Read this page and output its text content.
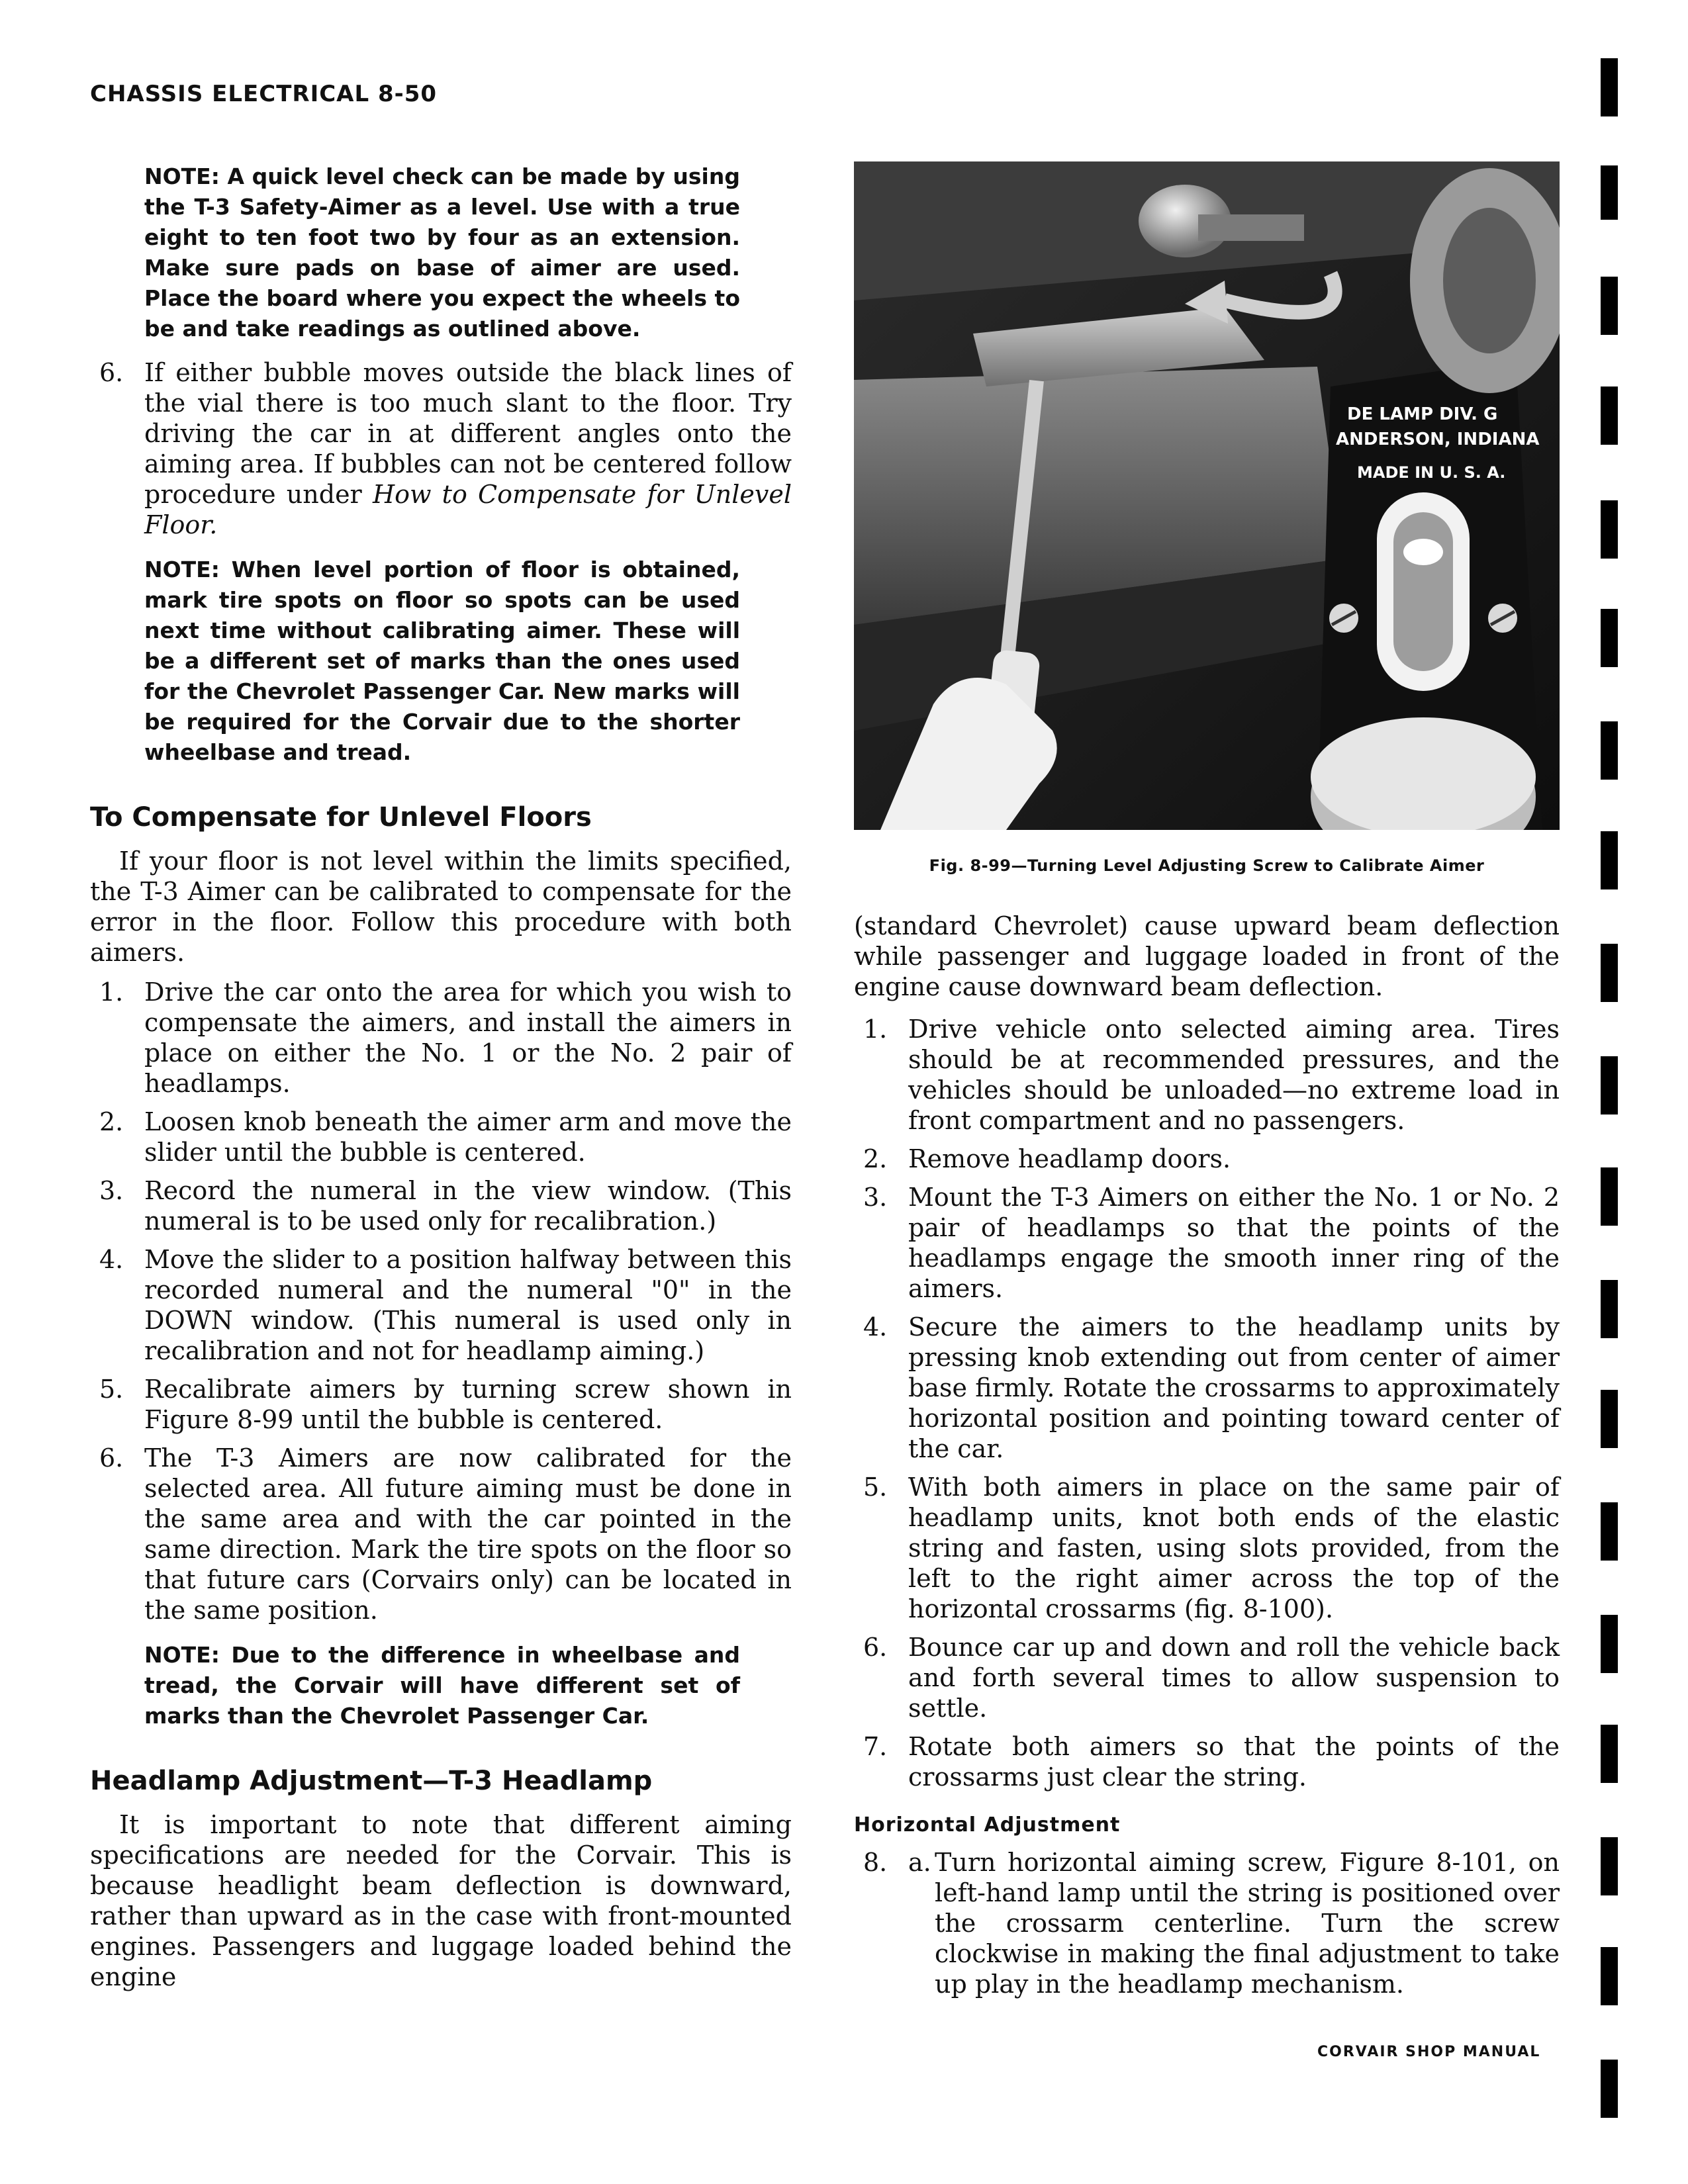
CHASSIS ELECTRICAL 8-50
NOTE: A quick level check can be made by using the T-3 Safety-Aimer as a level. Use with a true eight to ten foot two by four as an extension. Make sure pads on base of aimer are used. Place the board where you expect the wheels to be and take readings as outlined above.
6. If either bubble moves outside the black lines of the vial there is too much slant to the floor. Try driving the car in at different angles onto the aiming area. If bubbles can not be centered follow procedure under How to Compensate for Unlevel Floor.
NOTE: When level portion of floor is obtained, mark tire spots on floor so spots can be used next time without calibrating aimer. These will be a different set of marks than the ones used for the Chevrolet Passenger Car. New marks will be required for the Corvair due to the shorter wheelbase and tread.
To Compensate for Unlevel Floors

If your floor is not level within the limits specified, the T-3 Aimer can be calibrated to compensate for the error in the floor. Follow this procedure with both aimers.

1. Drive the car onto the area for which you wish to compensate the aimers, and install the aimers in place on either the No. 1 or the No. 2 pair of headlamps.
2. Loosen knob beneath the aimer arm and move the slider until the bubble is centered.
3. Record the numeral in the view window. (This numeral is to be used only for recalibration.)
4. Move the slider to a position halfway between this recorded numeral and the numeral "0" in the DOWN window. (This numeral is used only in recalibration and not for headlamp aiming.)
5. Recalibrate aimers by turning screw shown in Figure 8-99 until the bubble is centered.
6. The T-3 Aimers are now calibrated for the selected area. All future aiming must be done in the same area and with the car pointed in the same direction. Mark the tire spots on the floor so that future cars (Corvairs only) can be located in the same position.
NOTE: Due to the difference in wheelbase and tread, the Corvair will have different set of marks than the Chevrolet Passenger Car.
Headlamp Adjustment—T-3 Headlamp

It is important to note that different aiming specifications are needed for the Corvair. This is because headlight beam deflection is downward, rather than upward as in the case with front-mounted engines. Passengers and luggage loaded behind the engine

DE LAMP DIV. G
ANDERSON, INDIANA
MADE IN U. S. A.
Fig. 8-99—Turning Level Adjusting Screw to Calibrate Aimer

(standard Chevrolet) cause upward beam deflection while passenger and luggage loaded in front of the engine cause downward beam deflection.

1. Drive vehicle onto selected aiming area. Tires should be at recommended pressures, and the vehicles should be unloaded—no extreme load in front compartment and no passengers.
2. Remove headlamp doors.
3. Mount the T-3 Aimers on either the No. 1 or No. 2 pair of headlamps so that the points of the headlamps engage the smooth inner ring of the aimers.
4. Secure the aimers to the headlamp units by pressing knob extending out from center of aimer base firmly. Rotate the crossarms to approximately horizontal position and pointing toward center of the car.
5. With both aimers in place on the same pair of headlamp units, knot both ends of the elastic string and fasten, using slots provided, from the left to the right aimer across the top of the horizontal crossarms (fig. 8-100).
6. Bounce car up and down and roll the vehicle back and forth several times to allow suspension to settle.
7. Rotate both aimers so that the points of the crossarms just clear the string.
Horizontal Adjustment
8. a. Turn horizontal aiming screw, Figure 8-101, on left-hand lamp until the string is positioned over the crossarm centerline. Turn the screw clockwise in making the final adjustment to take up play in the headlamp mechanism.
CORVAIR SHOP MANUAL
